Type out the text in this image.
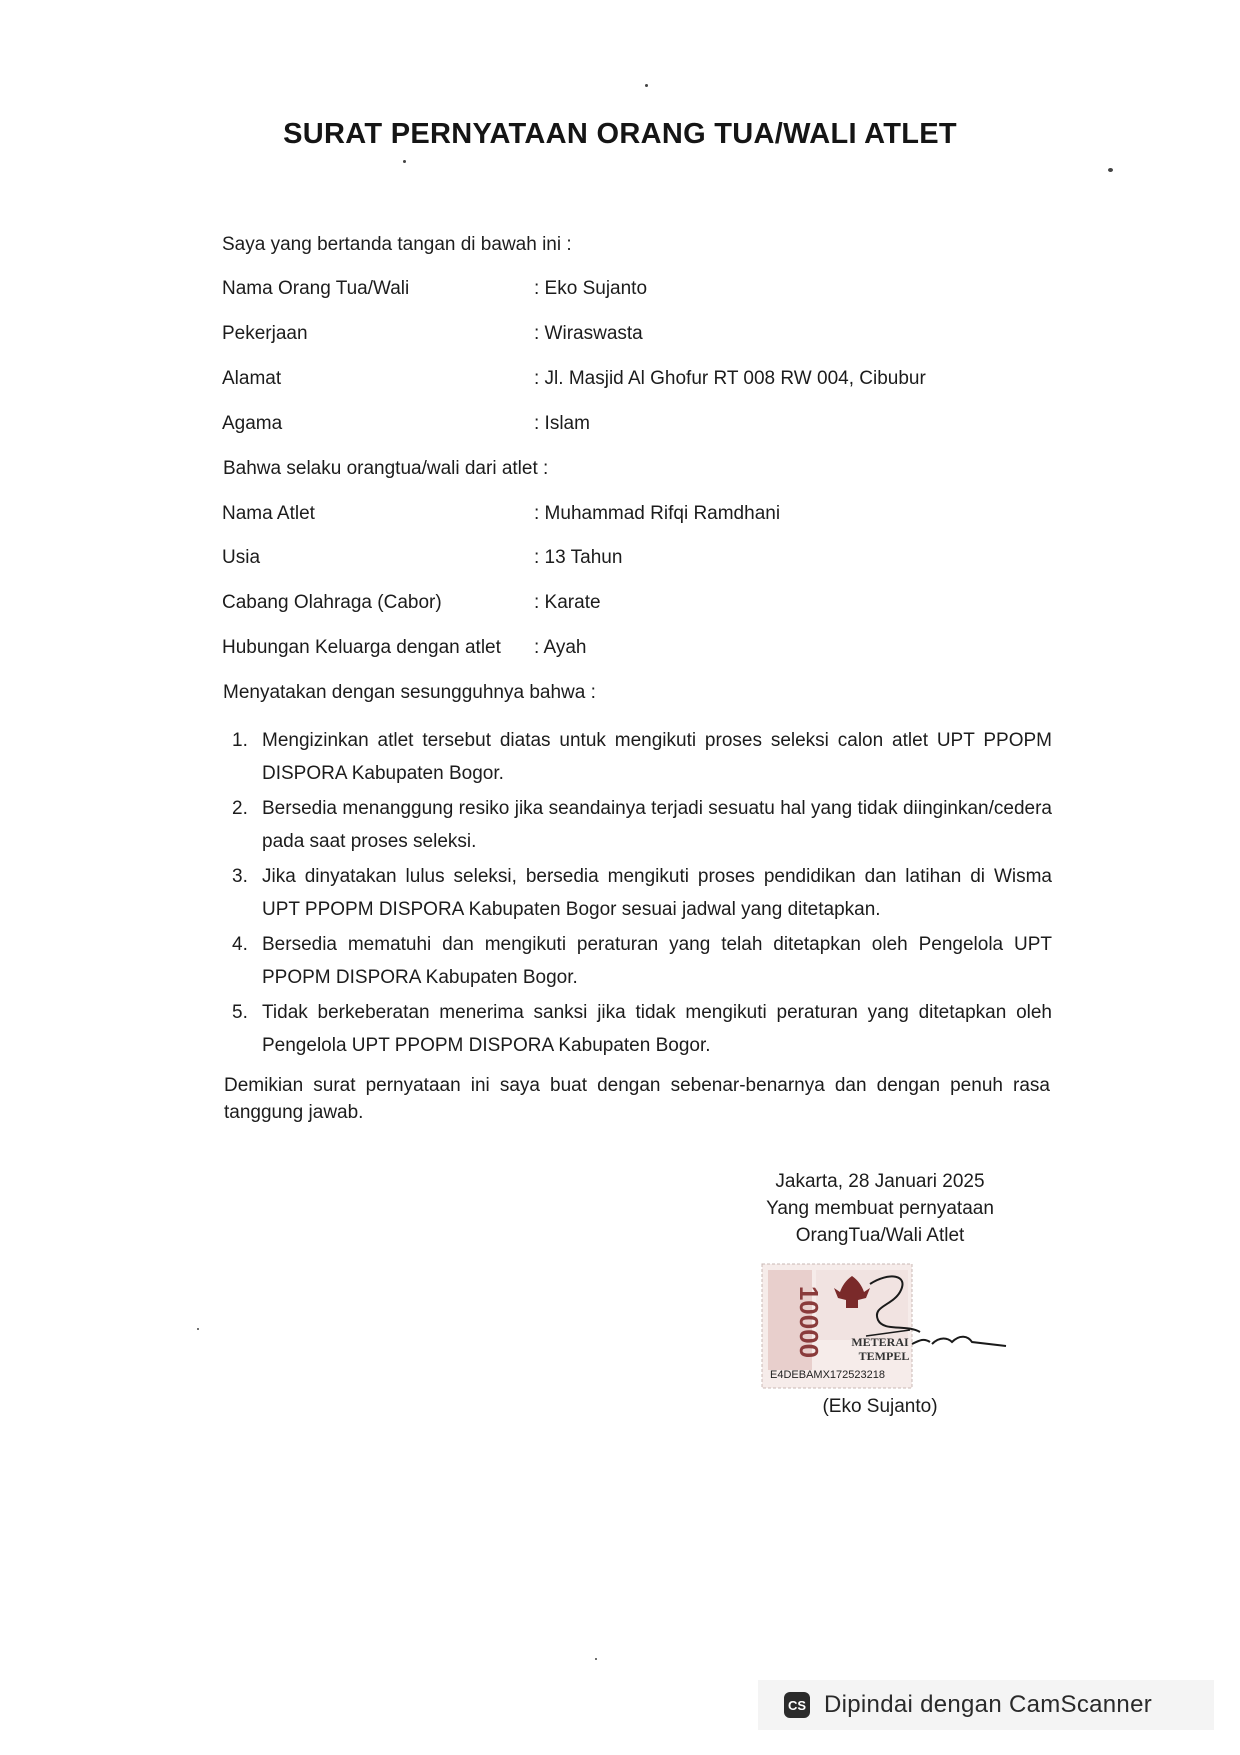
SURAT PERNYATAAN ORANG TUA/WALI ATLET
Saya yang bertanda tangan di bawah ini :
Nama Orang Tua/Wali	: Eko Sujanto
Pekerjaan	: Wiraswasta
Alamat	: Jl. Masjid Al Ghofur RT 008 RW 004, Cibubur
Agama	: Islam
Bahwa selaku orangtua/wali dari atlet :
Nama Atlet	: Muhammad Rifqi Ramdhani
Usia	: 13 Tahun
Cabang Olahraga (Cabor)	: Karate
Hubungan Keluarga dengan atlet : Ayah
Menyatakan dengan sesungguhnya bahwa :
1. Mengizinkan atlet tersebut diatas untuk mengikuti proses seleksi calon atlet UPT PPOPM DISPORA Kabupaten Bogor.
2. Bersedia menanggung resiko jika seandainya terjadi sesuatu hal yang tidak diinginkan/cedera pada saat proses seleksi.
3. Jika dinyatakan lulus seleksi, bersedia mengikuti proses pendidikan dan latihan di Wisma UPT PPOPM DISPORA Kabupaten Bogor sesuai jadwal yang ditetapkan.
4. Bersedia mematuhi dan mengikuti peraturan yang telah ditetapkan oleh Pengelola UPT PPOPM DISPORA Kabupaten Bogor.
5. Tidak berkeberatan menerima sanksi jika tidak mengikuti peraturan yang ditetapkan oleh Pengelola UPT PPOPM DISPORA Kabupaten Bogor.
Demikian surat pernyataan ini saya buat dengan sebenar-benarnya dan dengan penuh rasa tanggung jawab.
Jakarta, 28 Januari 2025
Yang membuat pernyataan
OrangTua/Wali Atlet
10000 METERAI
TEMPEL
E4DEBAMX172523218
(Eko Sujanto)
CS Dipindai dengan CamScanner
